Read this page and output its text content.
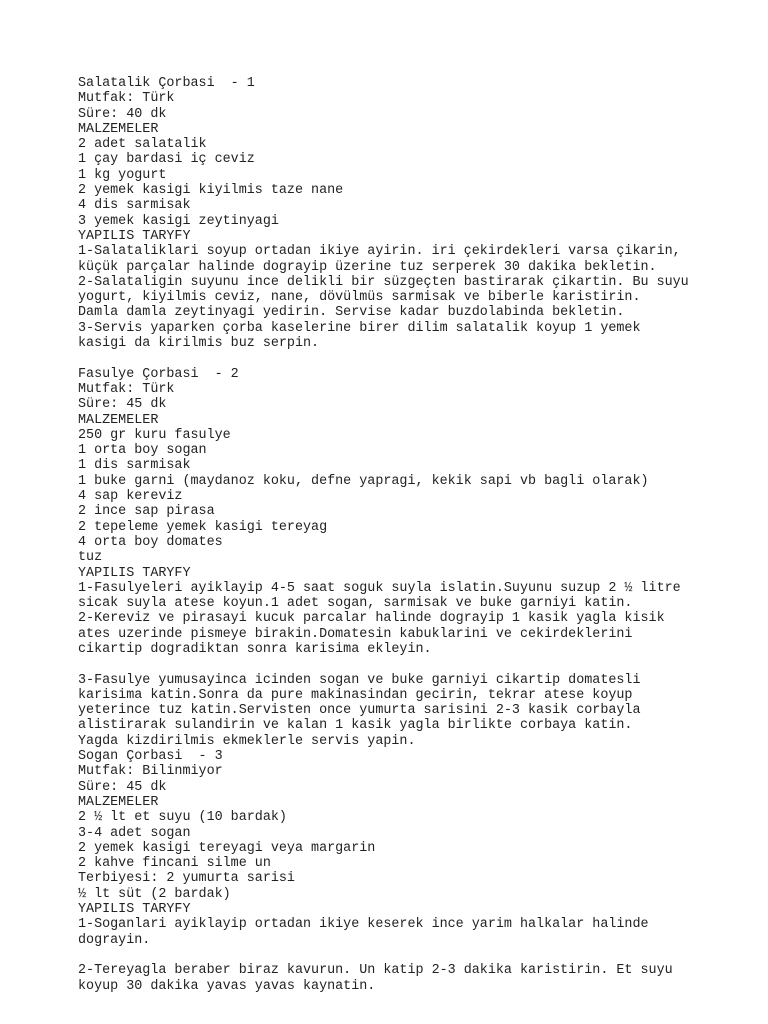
Salatalik Çorbasi  - 1
Mutfak: Türk
Süre: 40 dk
MALZEMELER
2 adet salatalik
1 çay bardasi iç ceviz
1 kg yogurt
2 yemek kasigi kiyilmis taze nane
4 dis sarmisak
3 yemek kasigi zeytinyagi
YAPILIS TARYFY
1-Salataliklari soyup ortadan ikiye ayirin. iri çekirdekleri varsa çikarin,
küçük parçalar halinde dograyip üzerine tuz serperek 30 dakika bekletin.
2-Salataligin suyunu ince delikli bir süzgeçten bastirarak çikartin. Bu suyu
yogurt, kiyilmis ceviz, nane, dövülmüs sarmisak ve biberle karistirin.
Damla damla zeytinyagi yedirin. Servise kadar buzdolabinda bekletin.
3-Servis yaparken çorba kaselerine birer dilim salatalik koyup 1 yemek
kasigi da kirilmis buz serpin.
Fasulye Çorbasi  - 2
Mutfak: Türk
Süre: 45 dk
MALZEMELER
250 gr kuru fasulye
1 orta boy sogan
1 dis sarmisak
1 buke garni (maydanoz koku, defne yapragi, kekik sapi vb bagli olarak)
4 sap kereviz
2 ince sap pirasa
2 tepeleme yemek kasigi tereyag
4 orta boy domates
tuz
YAPILIS TARYFY
1-Fasulyeleri ayiklayip 4-5 saat soguk suyla islatin.Suyunu suzup 2 ½ litre
sicak suyla atese koyun.1 adet sogan, sarmisak ve buke garniyi katin.
2-Kereviz ve pirasayi kucuk parcalar halinde dograyip 1 kasik yagla kisik
ates uzerinde pismeye birakin.Domatesin kabuklarini ve cekirdeklerini
cikartip dogradiktan sonra karisima ekleyin.
3-Fasulye yumusayinca icinden sogan ve buke garniyi cikartip domatesli
karisima katin.Sonra da pure makinasindan gecirin, tekrar atese koyup
yeterince tuz katin.Servisten once yumurta sarisini 2-3 kasik corbayla
alistirarak sulandirin ve kalan 1 kasik yagla birlikte corbaya katin.
Yagda kizdirilmis ekmeklerle servis yapin.
Sogan Çorbasi  - 3
Mutfak: Bilinmiyor
Süre: 45 dk
MALZEMELER
2 ½ lt et suyu (10 bardak)
3-4 adet sogan
2 yemek kasigi tereyagi veya margarin
2 kahve fincani silme un
Terbiyesi: 2 yumurta sarisi
½ lt süt (2 bardak)
YAPILIS TARYFY
1-Soganlari ayiklayip ortadan ikiye keserek ince yarim halkalar halinde
dograyin.
2-Tereyagla beraber biraz kavurun. Un katip 2-3 dakika karistirin. Et suyu
koyup 30 dakika yavas yavas kaynatin.
